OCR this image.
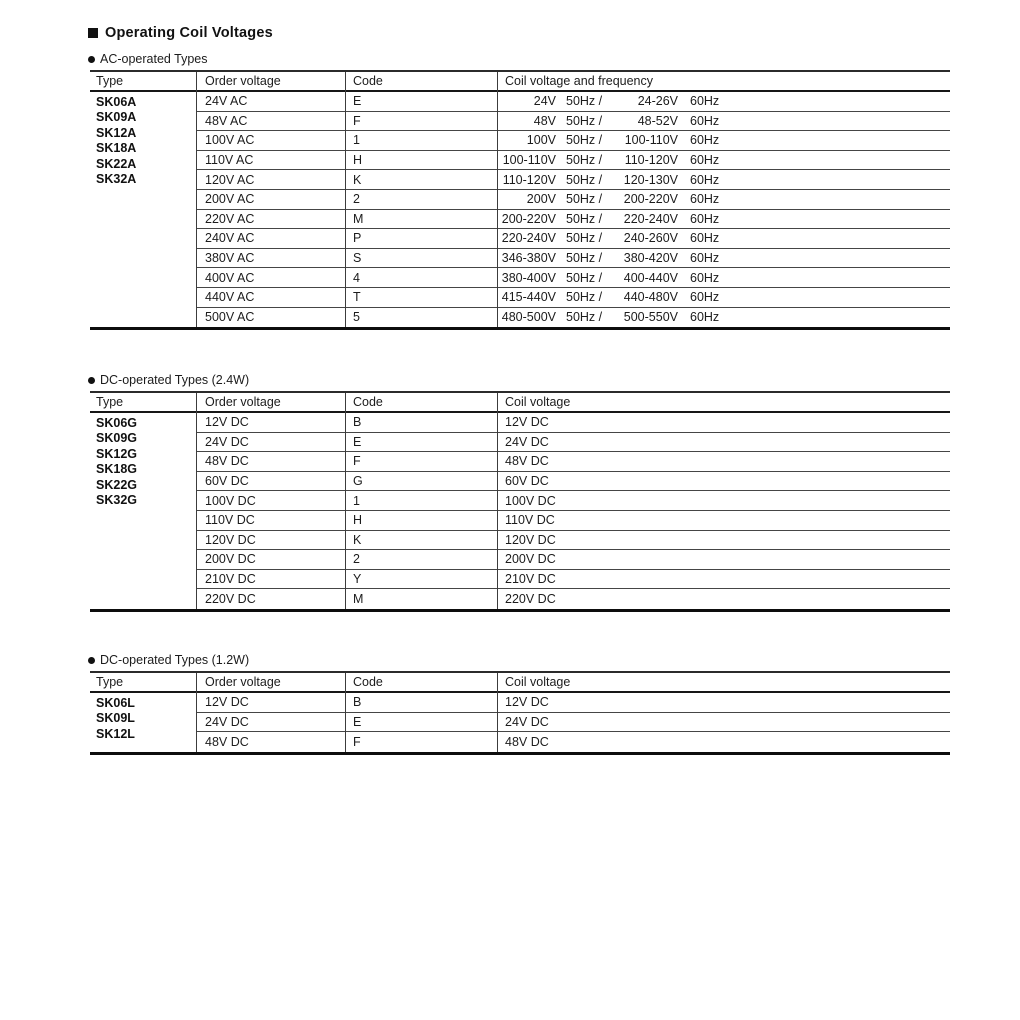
Operating Coil Voltages
AC-operated Types
Type	Order voltage	Code	Coil voltage and frequency
SK06A
SK09A
SK12A
SK18A
SK22A
SK32A
24V AC	E	24V 50Hz /	24-26V 60Hz
48V AC	F	48V 50Hz /	48-52V 60Hz
100V AC	1	100V 50Hz /	100-110V 60Hz
110V AC	H	100-110V 50Hz /	110-120V 60Hz
120V AC	K	110-120V 50Hz /	120-130V 60Hz
200V AC	2	200V 50Hz /	200-220V 60Hz
220V AC	M	200-220V 50Hz /	220-240V 60Hz
240V AC	P	220-240V 50Hz /	240-260V 60Hz
380V AC	S	346-380V 50Hz /	380-420V 60Hz
400V AC	4	380-400V 50Hz /	400-440V 60Hz
440V AC	T	415-440V 50Hz /	440-480V 60Hz
500V AC	5	480-500V 50Hz /	500-550V 60Hz
DC-operated Types (2.4W)
Type	Order voltage	Code	Coil voltage
SK06G
SK09G
SK12G
SK18G
SK22G
SK32G
12V DC	B	12V DC
24V DC	E	24V DC
48V DC	F	48V DC
60V DC	G	60V DC
100V DC	1	100V DC
110V DC	H	110V DC
120V DC	K	120V DC
200V DC	2	200V DC
210V DC	Y	210V DC
220V DC	M	220V DC
DC-operated Types (1.2W)
Type	Order voltage	Code	Coil voltage
SK06L
SK09L
SK12L
12V DC	B	12V DC
24V DC	E	24V DC
48V DC	F	48V DC
